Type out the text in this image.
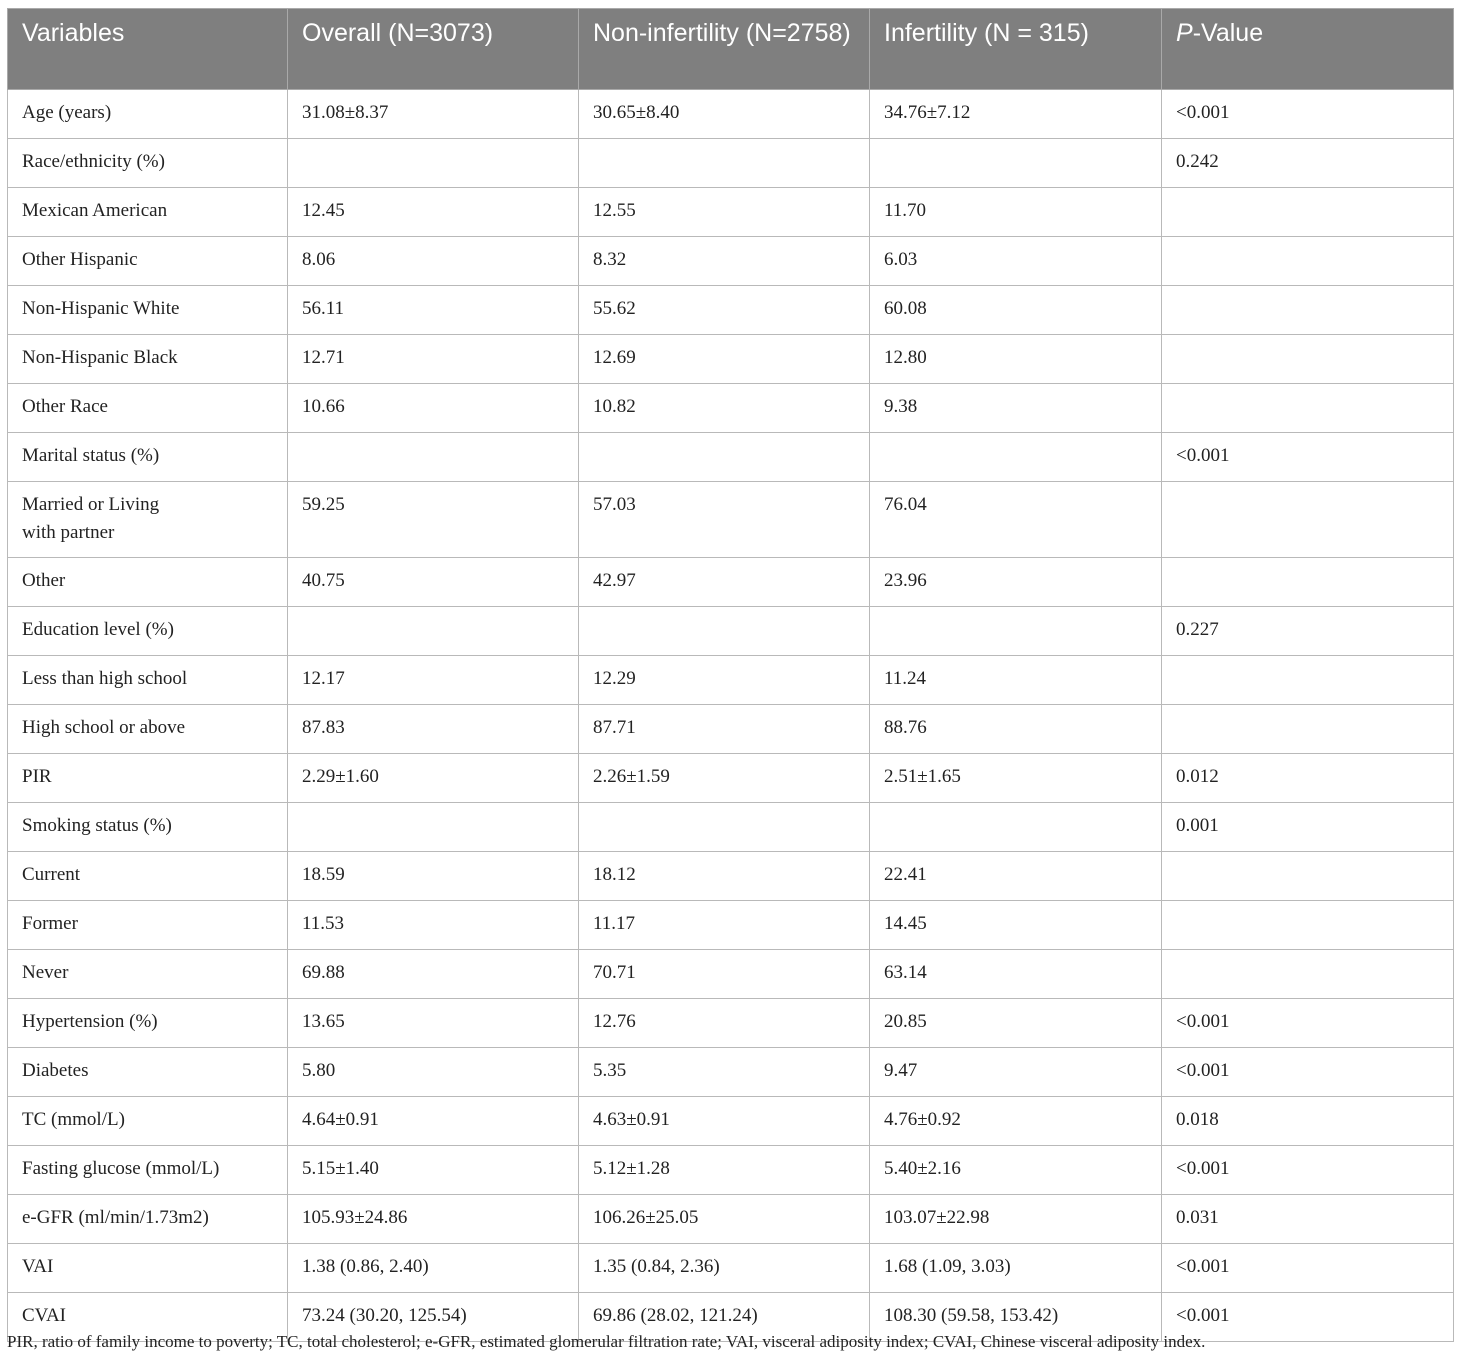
Variables	Overall (N=3073)	Non-infertility (N=2758)	Infertility (N = 315)	P-Value
Age (years)	31.08±8.37	30.65±8.40	34.76±7.12	<0.001
Race/ethnicity (%)				0.242
Mexican American	12.45	12.55	11.70	
Other Hispanic	8.06	8.32	6.03	
Non-Hispanic White	56.11	55.62	60.08	
Non-Hispanic Black	12.71	12.69	12.80	
Other Race	10.66	10.82	9.38	
Marital status (%)				<0.001
Married or Living with partner	59.25	57.03	76.04	
Other	40.75	42.97	23.96	
Education level (%)				0.227
Less than high school	12.17	12.29	11.24	
High school or above	87.83	87.71	88.76	
PIR	2.29±1.60	2.26±1.59	2.51±1.65	0.012
Smoking status (%)				0.001
Current	18.59	18.12	22.41	
Former	11.53	11.17	14.45	
Never	69.88	70.71	63.14	
Hypertension (%)	13.65	12.76	20.85	<0.001
Diabetes	5.80	5.35	9.47	<0.001
TC (mmol/L)	4.64±0.91	4.63±0.91	4.76±0.92	0.018
Fasting glucose (mmol/L)	5.15±1.40	5.12±1.28	5.40±2.16	<0.001
e-GFR (ml/min/1.73m2)	105.93±24.86	106.26±25.05	103.07±22.98	0.031
VAI	1.38 (0.86, 2.40)	1.35 (0.84, 2.36)	1.68 (1.09, 3.03)	<0.001
CVAI	73.24 (30.20, 125.54)	69.86 (28.02, 121.24)	108.30 (59.58, 153.42)	<0.001
PIR, ratio of family income to poverty; TC, total cholesterol; e-GFR, estimated glomerular filtration rate; VAI, visceral adiposity index; CVAI, Chinese visceral adiposity index.
